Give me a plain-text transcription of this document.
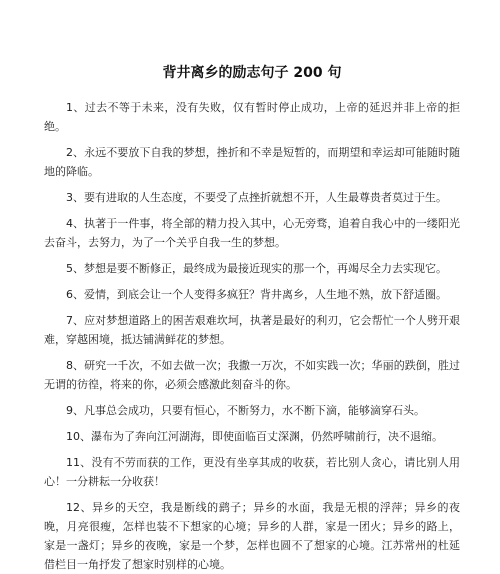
背井离乡的励志句子 200 句

1、过去不等于未来，没有失败，仅有暂时停止成功，上帝的延迟并非上帝的拒绝。

2、永远不要放下自我的梦想，挫折和不幸是短暂的，而期望和幸运却可能随时随地的降临。

3、要有进取的人生态度，不要受了点挫折就想不开，人生最尊贵者莫过于生。

4、执著于一件事，将全部的精力投入其中，心无旁骛，追着自我心中的一缕阳光去奋斗，去努力，为了一个关乎自我一生的梦想。

5、梦想是要不断修正，最终成为最接近现实的那一个，再竭尽全力去实现它。

6、爱情，到底会让一个人变得多疯狂？背井离乡，人生地不熟，放下舒适圈。

7、应对梦想道路上的困苦艰难坎坷，执著是最好的利刃，它会帮忙一个人劈开艰难，穿越困境，抵达铺满鲜花的梦想。

8、研究一千次，不如去做一次；我撒一万次，不如实践一次；华丽的跌倒，胜过无谓的彷徨，将来的你，必须会感激此刻奋斗的你。

9、凡事总会成功，只要有恒心，不断努力，水不断下滴，能够滴穿石头。

10、瀑布为了奔向江河湖海，即使面临百丈深渊，仍然呼啸前行，决不退缩。

11、没有不劳而获的工作，更没有坐享其成的收获，若比别人贪心，请比别人用心！一分耕耘一分收获！

12、异乡的天空，我是断线的鹞子；异乡的水面，我是无根的浮萍；异乡的夜晚，月亮很瘦，怎样也装不下想家的心境；异乡的人群，家是一团火；异乡的路上，家是一盏灯；异乡的夜晚，家是一个梦，怎样也圆不了想家的心境。江苏常州的杜延借栏目一角抒发了想家时别样的心境。
